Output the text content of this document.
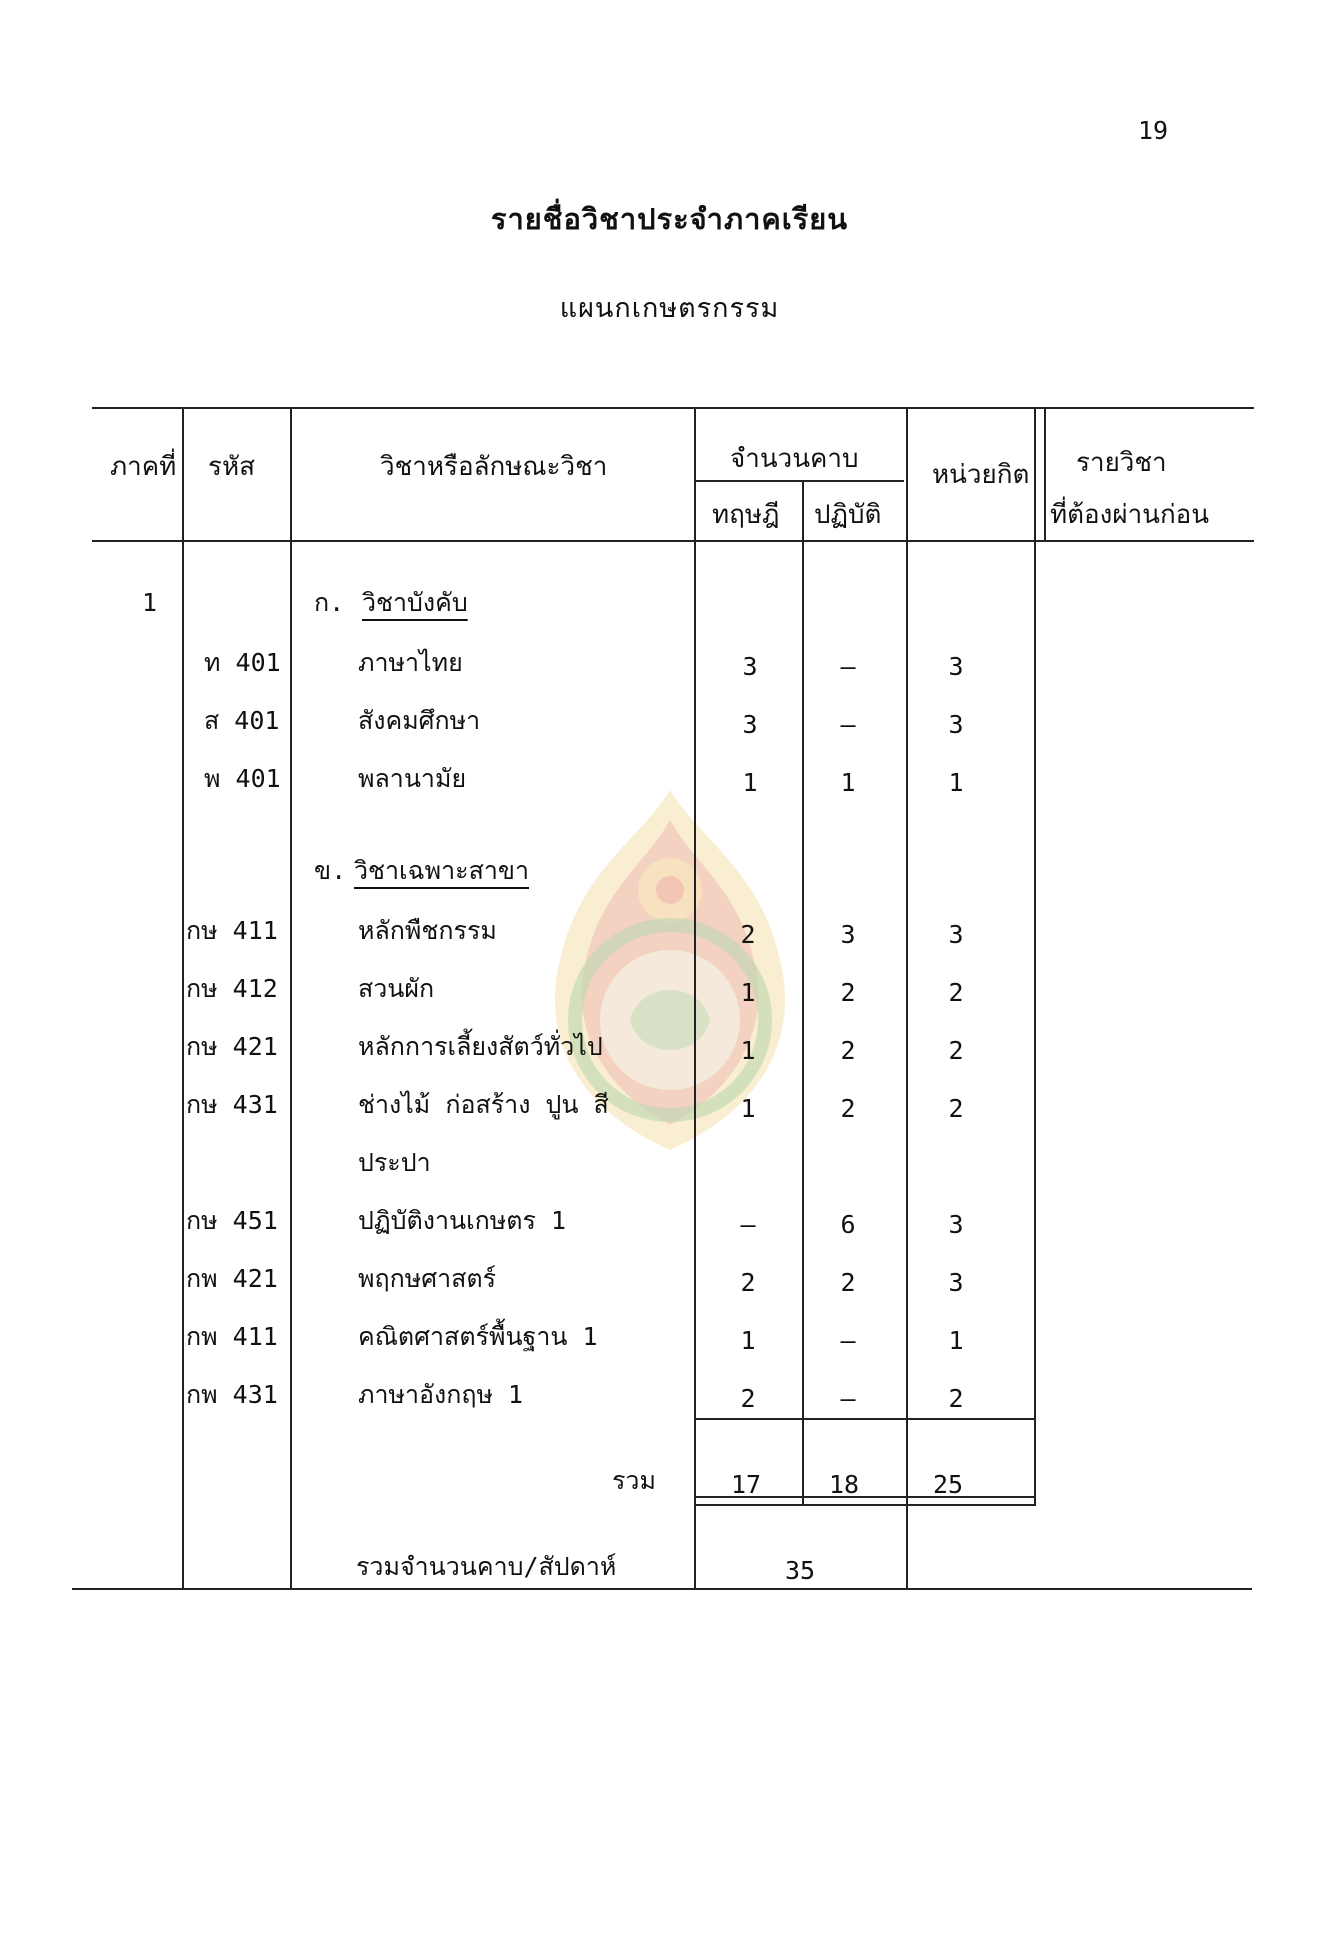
19
รายชื่อวิชาประจำภาคเรียน
แผนกเกษตรกรรม
ภาคที่ รหัส	วิชาหรือลักษณะวิชา	จำนวนคาบ
ทฤษฎี ปฏิบัติ
หน่วยกิต รายวิชา
ที่ต้องผ่านก่อน
1	ก. วิชาบังคับ
ท 401	ภาษาไทย	3	–	3
ส 401	สังคมศึกษา	3	–	3
พ 401	พลานามัย	1	1	1
ข. วิชาเฉพาะสาขา
กษ 411	หลักพืชกรรม	2	3	3
กษ 412	สวนผัก	1	2	2
กษ 421	หลักการเลี้ยงสัตว์ทั่วไป	1	2	2
กษ 431	ช่างไม้ ก่อสร้าง ปูน สี	1	2	2
ประปา
กษ 451	ปฏิบัติงานเกษตร 1	–	6	3
กพ 421	พฤกษศาสตร์	2	2	3
กพ 411	คณิตศาสตร์พื้นฐาน 1	1	–	1
กพ 431	ภาษาอังกฤษ 1	2	–	2
รวม	17	18	25
รวมจำนวนคาบ/สัปดาห์	35
